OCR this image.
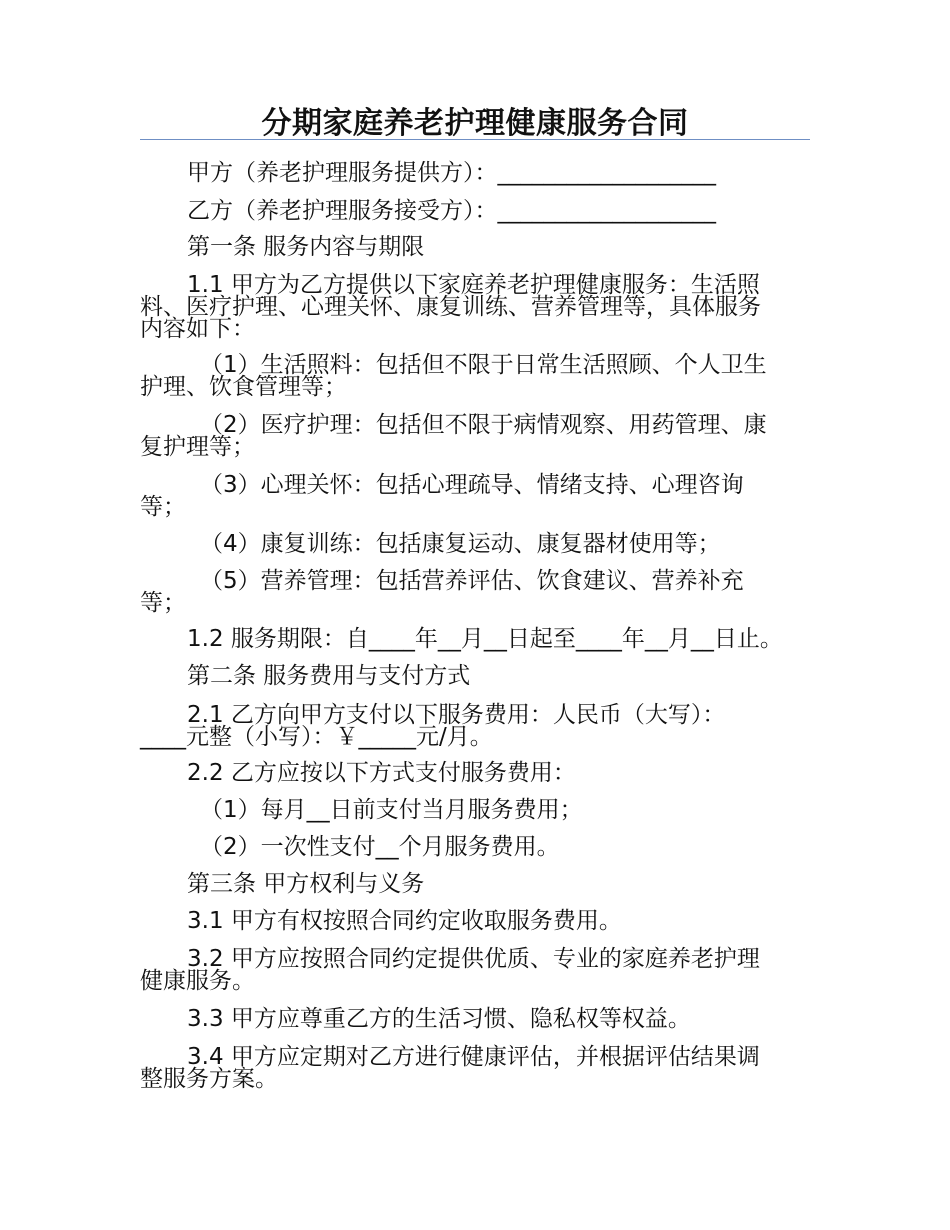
分期家庭养老护理健康服务合同

甲方（养老护理服务提供方）：___________________

乙方（养老护理服务接受方）：___________________

第一条 服务内容与期限

1.1 甲方为乙方提供以下家庭养老护理健康服务：生活照
料、医疗护理、心理关怀、康复训练、营养管理等，具体服务
内容如下：

（1）生活照料：包括但不限于日常生活照顾、个人卫生
护理、饮食管理等；

（2）医疗护理：包括但不限于病情观察、用药管理、康
复护理等；

（3）心理关怀：包括心理疏导、情绪支持、心理咨询
等；

（4）康复训练：包括康复运动、康复器材使用等；

（5）营养管理：包括营养评估、饮食建议、营养补充
等；

1.2 服务期限：自____年__月__日起至____年__月__日止。

第二条 服务费用与支付方式

2.1 乙方向甲方支付以下服务费用：人民币（大写）：
____元整（小写）：￥_____元/月。

2.2 乙方应按以下方式支付服务费用：

（1）每月__日前支付当月服务费用；

（2）一次性支付__个月服务费用。

第三条 甲方权利与义务

3.1 甲方有权按照合同约定收取服务费用。

3.2 甲方应按照合同约定提供优质、专业的家庭养老护理
健康服务。

3.3 甲方应尊重乙方的生活习惯、隐私权等权益。

3.4 甲方应定期对乙方进行健康评估，并根据评估结果调
整服务方案。
